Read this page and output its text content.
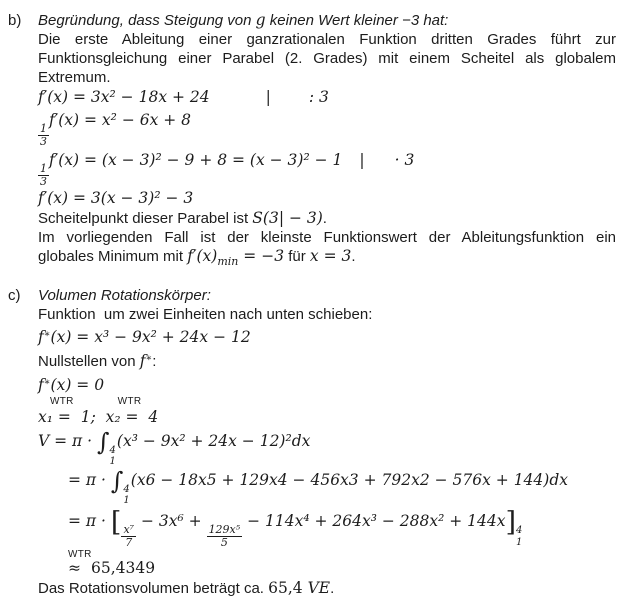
b)	Begründung, dass Steigung von g keinen Wert kleiner −3 hat:
Die erste Ableitung einer ganzrationalen Funktion dritten Grades führt zur
Funktionsgleichung einer Parabel (2. Grades) mit einem Scheitel als globalem
Extremum.
f′(x) = 3x² − 18x + 24	| : 3
$\frac{1}{3}$
f′(x) = x² − 6x + 8
$\frac{1}{3}$
f′(x) = (x − 3)² − 9 + 8 = (x − 3)² − 1 | · 3
f′(x) = 3(x − 3)² − 3
Scheitelpunkt dieser Parabel ist S(3| − 3).
Im vorliegenden Fall ist der kleinste Funktionswert der Ableitungsfunktion ein
globales Minimum mit $f'(x)_{min} = -3$ für x = 3.
c)	Volumen Rotationskörper:
Funktion  um zwei Einheiten nach unten schieben:
f∗(x) = x³ − 9x² + 24x − 12
Nullstellen von f∗:
f∗(x) = 0
WTR	WTR
x₁ =  1;  x₂ =  4
V = π · ∫ 4
1
(x³ − 9x² + 24x − 12)²dx
= π · ∫ 4
1
(x6 − 18x5 + 129x4 − 456x3 + 792x2 − 576x + 144)dx
= π · [ $\frac{\text{x⁷}}{7}$
− 3x⁶ +
$\frac{\text{129x⁵}}{5}$
− 114x⁴ + 264x³ − 288x² + 144x] 4
1
WTR
≈ 65,4349
Das Rotationsvolumen beträgt ca. 65,4 VE.
